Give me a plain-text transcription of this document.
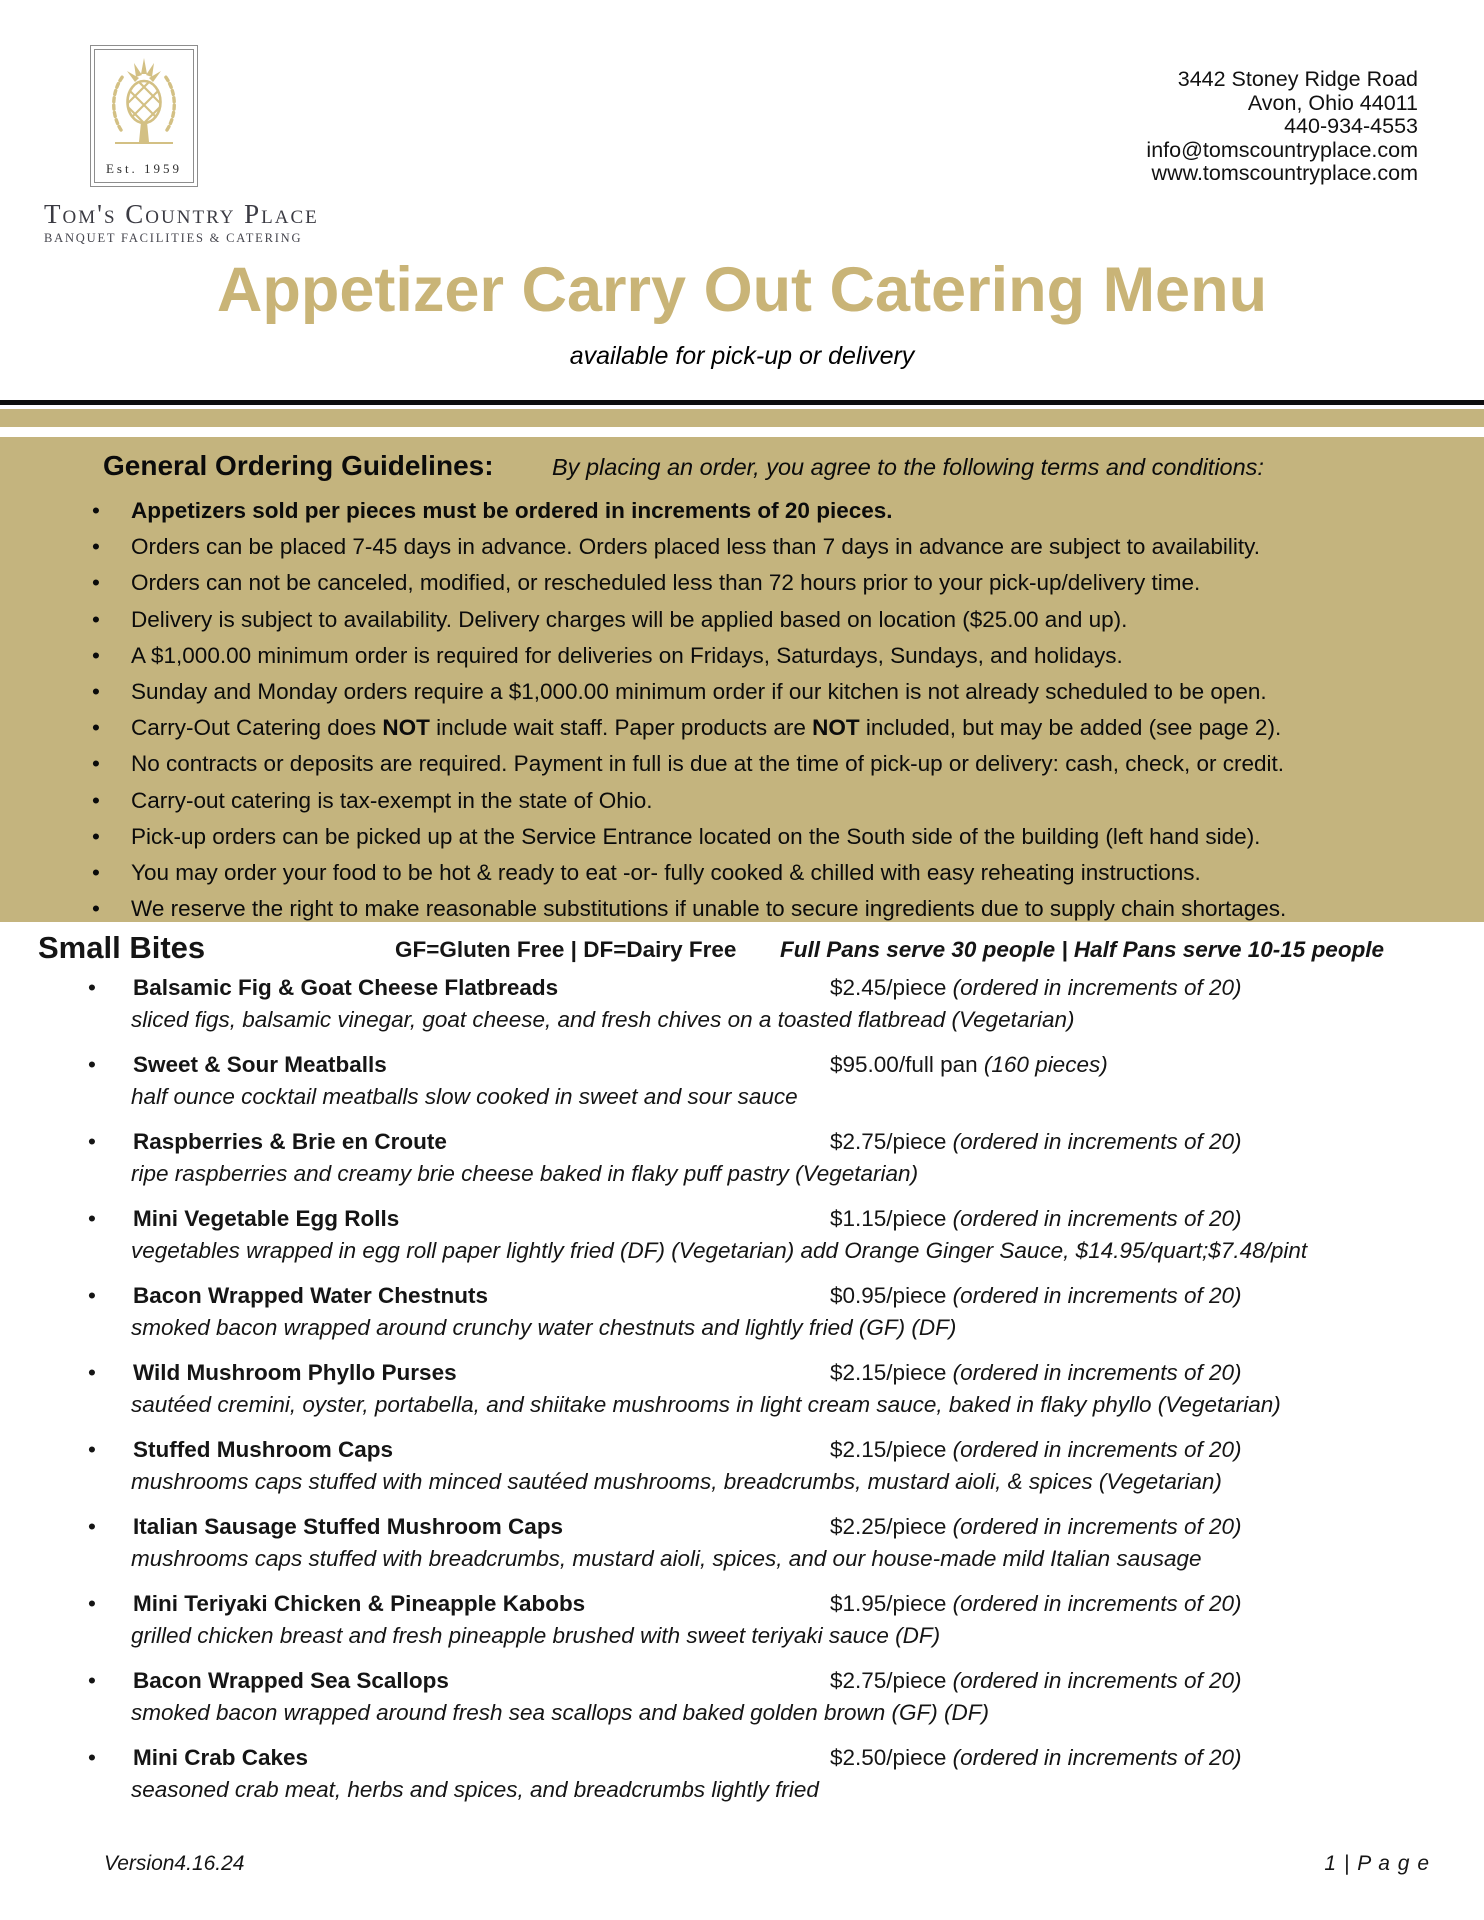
Est. 1959
Tom's Country Place
BANQUET FACILITIES & CATERING
3442 Stoney Ridge Road
Avon, Ohio 44011
440-934-4553
info@tomscountryplace.com
www.tomscountryplace.com
Appetizer Carry Out Catering Menu
available for pick-up or delivery
General Ordering Guidelines: By placing an order, you agree to the following terms and conditions:
• Appetizers sold per pieces must be ordered in increments of 20 pieces.
• Orders can be placed 7-45 days in advance. Orders placed less than 7 days in advance are subject to availability.
• Orders can not be canceled, modified, or rescheduled less than 72 hours prior to your pick-up/delivery time.
• Delivery is subject to availability. Delivery charges will be applied based on location ($25.00 and up).
• A $1,000.00 minimum order is required for deliveries on Fridays, Saturdays, Sundays, and holidays.
• Sunday and Monday orders require a $1,000.00 minimum order if our kitchen is not already scheduled to be open.
• Carry-Out Catering does NOT include wait staff. Paper products are NOT included, but may be added (see page 2).
• No contracts or deposits are required. Payment in full is due at the time of pick-up or delivery: cash, check, or credit.
• Carry-out catering is tax-exempt in the state of Ohio.
• Pick-up orders can be picked up at the Service Entrance located on the South side of the building (left hand side).
• You may order your food to be hot & ready to eat -or- fully cooked & chilled with easy reheating instructions.
• We reserve the right to make reasonable substitutions if unable to secure ingredients due to supply chain shortages.
Small Bites	GF=Gluten Free | DF=Dairy Free Full Pans serve 30 people | Half Pans serve 10-15 people
• Balsamic Fig & Goat Cheese Flatbreads	$2.45/piece (ordered in increments of 20)
sliced figs, balsamic vinegar, goat cheese, and fresh chives on a toasted flatbread (Vegetarian)
• Sweet & Sour Meatballs	$95.00/full pan (160 pieces)
half ounce cocktail meatballs slow cooked in sweet and sour sauce
• Raspberries & Brie en Croute	$2.75/piece (ordered in increments of 20)
ripe raspberries and creamy brie cheese baked in flaky puff pastry (Vegetarian)
• Mini Vegetable Egg Rolls	$1.15/piece (ordered in increments of 20)
vegetables wrapped in egg roll paper lightly fried (DF) (Vegetarian) add Orange Ginger Sauce, $14.95/quart;$7.48/pint
• Bacon Wrapped Water Chestnuts	$0.95/piece (ordered in increments of 20)
smoked bacon wrapped around crunchy water chestnuts and lightly fried (GF) (DF)
• Wild Mushroom Phyllo Purses	$2.15/piece (ordered in increments of 20)
sautéed cremini, oyster, portabella, and shiitake mushrooms in light cream sauce, baked in flaky phyllo (Vegetarian)
• Stuffed Mushroom Caps	$2.15/piece (ordered in increments of 20)
mushrooms caps stuffed with minced sautéed mushrooms, breadcrumbs, mustard aioli, & spices (Vegetarian)
• Italian Sausage Stuffed Mushroom Caps	$2.25/piece (ordered in increments of 20)
mushrooms caps stuffed with breadcrumbs, mustard aioli, spices, and our house-made mild Italian sausage
• Mini Teriyaki Chicken & Pineapple Kabobs	$1.95/piece (ordered in increments of 20)
grilled chicken breast and fresh pineapple brushed with sweet teriyaki sauce (DF)
• Bacon Wrapped Sea Scallops	$2.75/piece (ordered in increments of 20)
smoked bacon wrapped around fresh sea scallops and baked golden brown (GF) (DF)
• Mini Crab Cakes	$2.50/piece (ordered in increments of 20)
seasoned crab meat, herbs and spices, and breadcrumbs lightly fried
Version4.16.24	1 | P a g e
